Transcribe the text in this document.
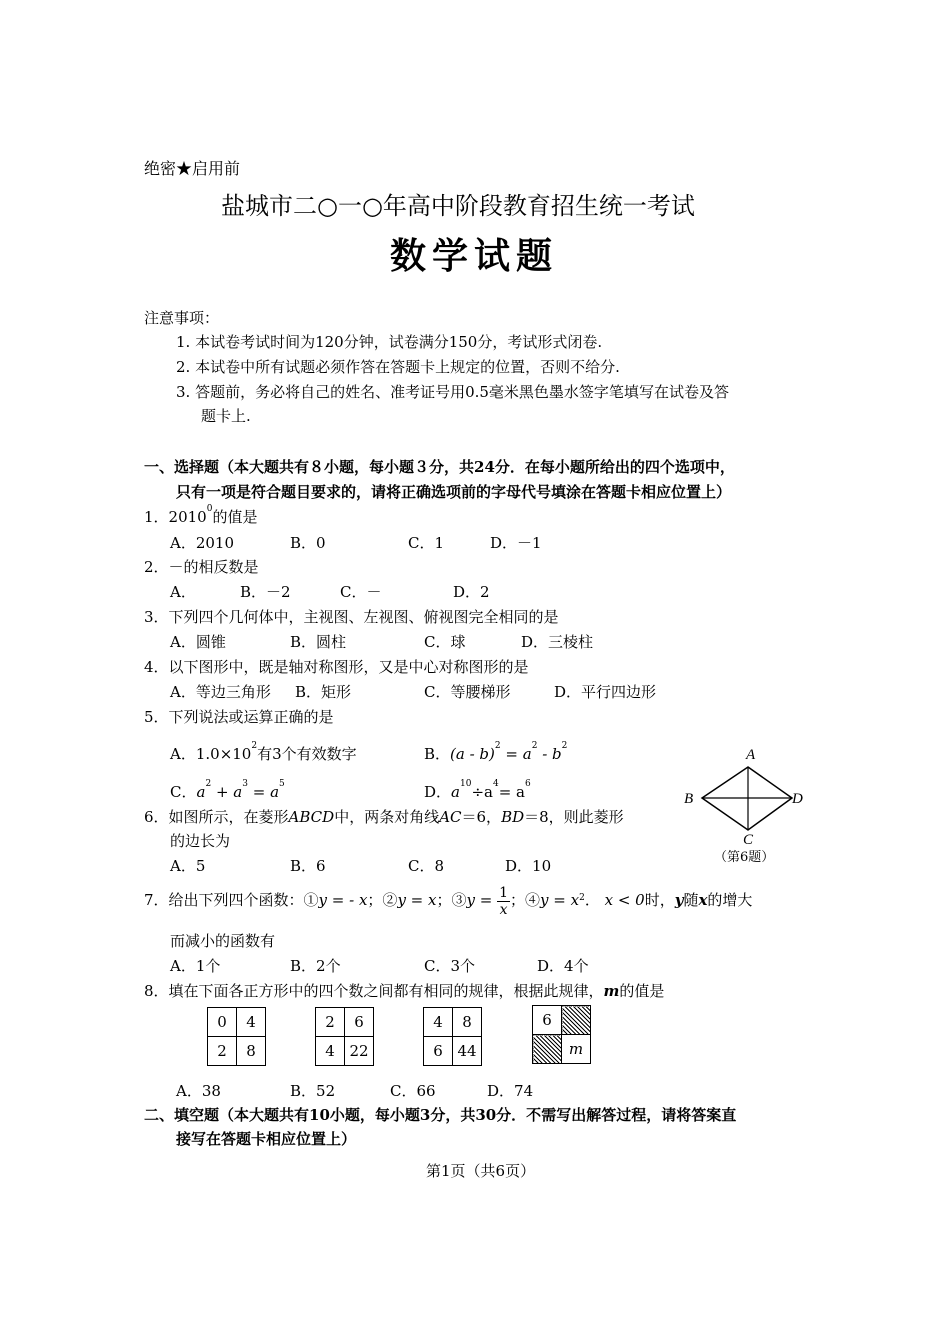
绝密★启用前
盐城市二○一○年高中阶段教育招生统一考试
数学试题
注意事项：
1. 本试卷考试时间为120分钟，试卷满分150分，考试形式闭卷.
2. 本试卷中所有试题必须作答在答题卡上规定的位置，否则不给分.
3. 答题前，务必将自己的姓名、准考证号用0.5毫米黑色墨水签字笔填写在试卷及答
题卡上.
一、选择题（本大题共有８小题，每小题３分，共24分．在每小题所给出的四个选项中，
只有一项是符合题目要求的，请将正确选项前的字母代号填涂在答题卡相应位置上）
1．2010$^0$的值是
A．2010	B．0	C．1	D．－1
2．－的相反数是
A．	B．－2	C．－	D．2
3．下列四个几何体中，主视图、左视图、俯视图完全相同的是
A．圆锥	B．圆柱	C．球	D．三棱柱
4．以下图形中，既是轴对称图形，又是中心对称图形的是
A．等边三角形 B．矩形	C．等腰梯形	D．平行四边形
5．下列说法或运算正确的是
A．$1.0\times 10^2$有3个有效数字	B．$(a - b)^2 = a^2 - b^2$
C．$a^2 + a^3 = a^5$	D．$a^{10}\div a^4= a^6$
6．如图所示，在菱形ABCD中，两条对角线AC＝6，BD＝8，则此菱形
的边长为
A．5	B．6	C．8	D．10
A
B
C
D
（第6题）
7．给出下列四个函数：①y = - x；②y = x；③y = $\frac{1}{x}$ ；④y = $x^2$． x < 0时，y随x的增大
而减小的函数有
A．1个	B．2个	C．3个	D．4个
8．填在下面各正方形中的四个数之间都有相同的规律，根据此规律，m的值是
0	4
2	8
2	6
4	22
4	8
6	44
6	
	m
A．38	B．52	C．66	D．74
二、填空题（本大题共有10小题，每小题3分，共30分．不需写出解答过程，请将答案直
接写在答题卡相应位置上）
第1页（共6页）
